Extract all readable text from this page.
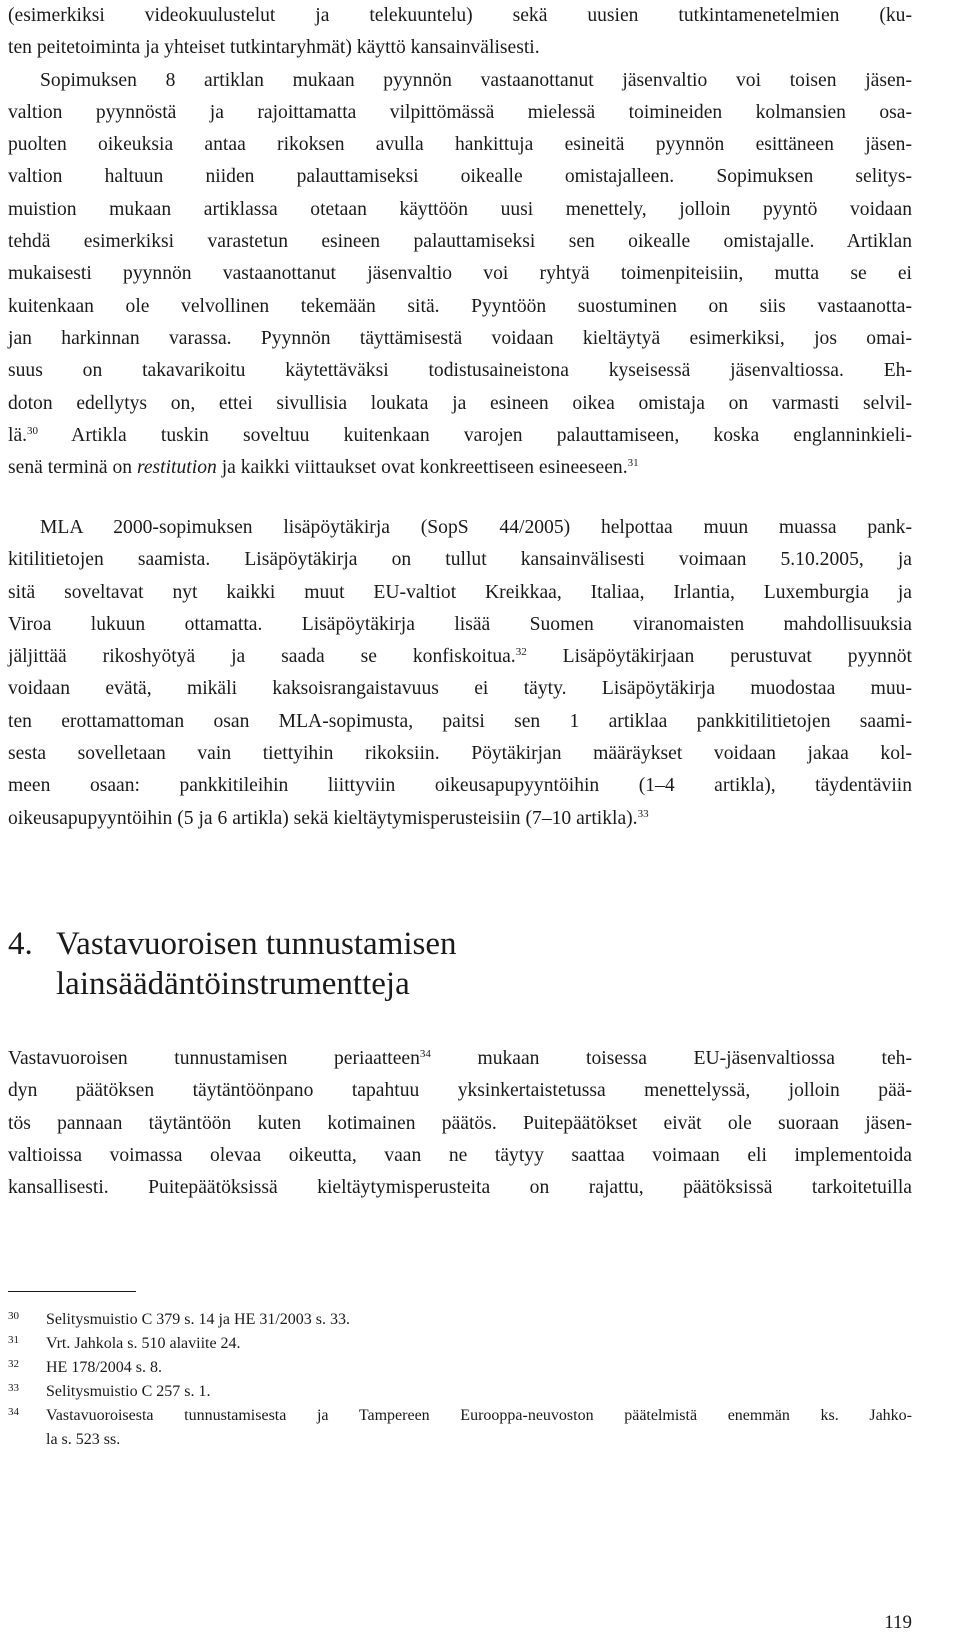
(esimerkiksi videokuulustelut ja telekuuntelu) sekä uusien tutkintamenetelmien (ku-
ten peitetoiminta ja yhteiset tutkintaryhmät) käyttö kansainvälisesti.
Sopimuksen 8 artiklan mukaan pyynnön vastaanottanut jäsenvaltio voi toisen jäsen-
valtion pyynnöstä ja rajoittamatta vilpittömässä mielessä toimineiden kolmansien osa-
puolten oikeuksia antaa rikoksen avulla hankittuja esineitä pyynnön esittäneen jäsen-
valtion haltuun niiden palauttamiseksi oikealle omistajalleen. Sopimuksen selitys-
muistion mukaan artiklassa otetaan käyttöön uusi menettely, jolloin pyyntö voidaan
tehdä esimerkiksi varastetun esineen palauttamiseksi sen oikealle omistajalle. Artiklan
mukaisesti pyynnön vastaanottanut jäsenvaltio voi ryhtyä toimenpiteisiin, mutta se ei
kuitenkaan ole velvollinen tekemään sitä. Pyyntöön suostuminen on siis vastaanotta-
jan harkinnan varassa. Pyynnön täyttämisestä voidaan kieltäytyä esimerkiksi, jos omai-
suus on takavarikoitu käytettäväksi todistusaineistona kyseisessä jäsenvaltiossa. Eh-
doton edellytys on, ettei sivullisia loukata ja esineen oikea omistaja on varmasti selvil-
lä.$^{30}$ Artikla tuskin soveltuu kuitenkaan varojen palauttamiseen, koska englanninkieli-
senä terminä on restitution ja kaikki viittaukset ovat konkreettiseen esineeseen.$^{31}$
MLA 2000-sopimuksen lisäpöytäkirja (SopS 44/2005) helpottaa muun muassa pank-
kitilitietojen saamista. Lisäpöytäkirja on tullut kansainvälisesti voimaan 5.10.2005, ja
sitä soveltavat nyt kaikki muut EU-valtiot Kreikkaa, Italiaa, Irlantia, Luxemburgia ja
Viroa lukuun ottamatta. Lisäpöytäkirja lisää Suomen viranomaisten mahdollisuuksia
jäljittää rikoshyötyä ja saada se konfiskoitua.$^{32}$ Lisäpöytäkirjaan perustuvat pyynnöt
voidaan evätä, mikäli kaksoisrangaistavuus ei täyty. Lisäpöytäkirja muodostaa muu-
ten erottamattoman osan MLA-sopimusta, paitsi sen 1 artiklaa pankkitilitietojen saami-
sesta sovelletaan vain tiettyihin rikoksiin. Pöytäkirjan määräykset voidaan jakaa kol-
meen osaan: pankkitileihin liittyviin oikeusapupyyntöihin (1–4 artikla), täydentäviin
oikeusapupyyntöihin (5 ja 6 artikla) sekä kieltäytymisperusteisiin (7–10 artikla).$^{33}$
4. Vastavuoroisen tunnustamisen
lainsäädäntöinstrumentteja
Vastavuoroisen tunnustamisen periaatteen$^{34}$ mukaan toisessa EU-jäsenvaltiossa teh-
dyn päätöksen täytäntöönpano tapahtuu yksinkertaistetussa menettelyssä, jolloin pää-
tös pannaan täytäntöön kuten kotimainen päätös. Puitepäätökset eivät ole suoraan jäsen-
valtioissa voimassa olevaa oikeutta, vaan ne täytyy saattaa voimaan eli implementoida
kansallisesti. Puitepäätöksissä kieltäytymisperusteita on rajattu, päätöksissä tarkoitetuilla
30 Selitysmuistio C 379 s. 14 ja HE 31/2003 s. 33.
31 Vrt. Jahkola s. 510 alaviite 24.
32 HE 178/2004 s. 8.
33 Selitysmuistio C 257 s. 1.
34 Vastavuoroisesta tunnustamisesta ja Tampereen Eurooppa-neuvoston päätelmistä enemmän ks. Jahko-
la s. 523 ss.
119
